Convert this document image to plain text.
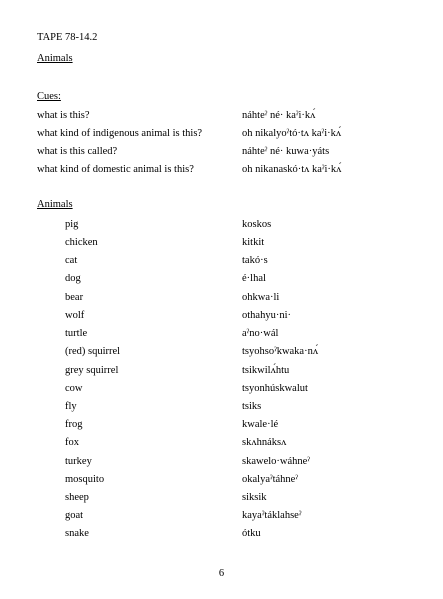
TAPE 78-14.2
Animals
Cues:
what is this?	náhteˀ né· kaˀi·kʌ́
what kind of indigenous animal is this?	oh nikalyoˀtó·tʌ kaˀi·kʌ́
what is this called?	náhteˀ né· kuwa·yáts
what kind of domestic animal is this?	oh nikanaskó·tʌ kaˀi·kʌ́
Animals
pig	koskos
chicken	kitkit
cat	takó·s
dog	é·lhal
bear	ohkwa·li
wolf	othahyu·ni·
turtle	aˀno·wál
(red) squirrel	tsyohsoˀkwaka·nʌ́
grey squirrel	tsikwilʌ́htu
cow	tsyonhúskwalut
fly	tsiks
frog	kwale·lé
fox	skʌhnáksʌ
turkey	skawelo·wáhneˀ
mosquito	okalyaˀtáhneˀ
sheep	siksik
goat	kayaˀtáklahseˀ
snake	ótku
6
